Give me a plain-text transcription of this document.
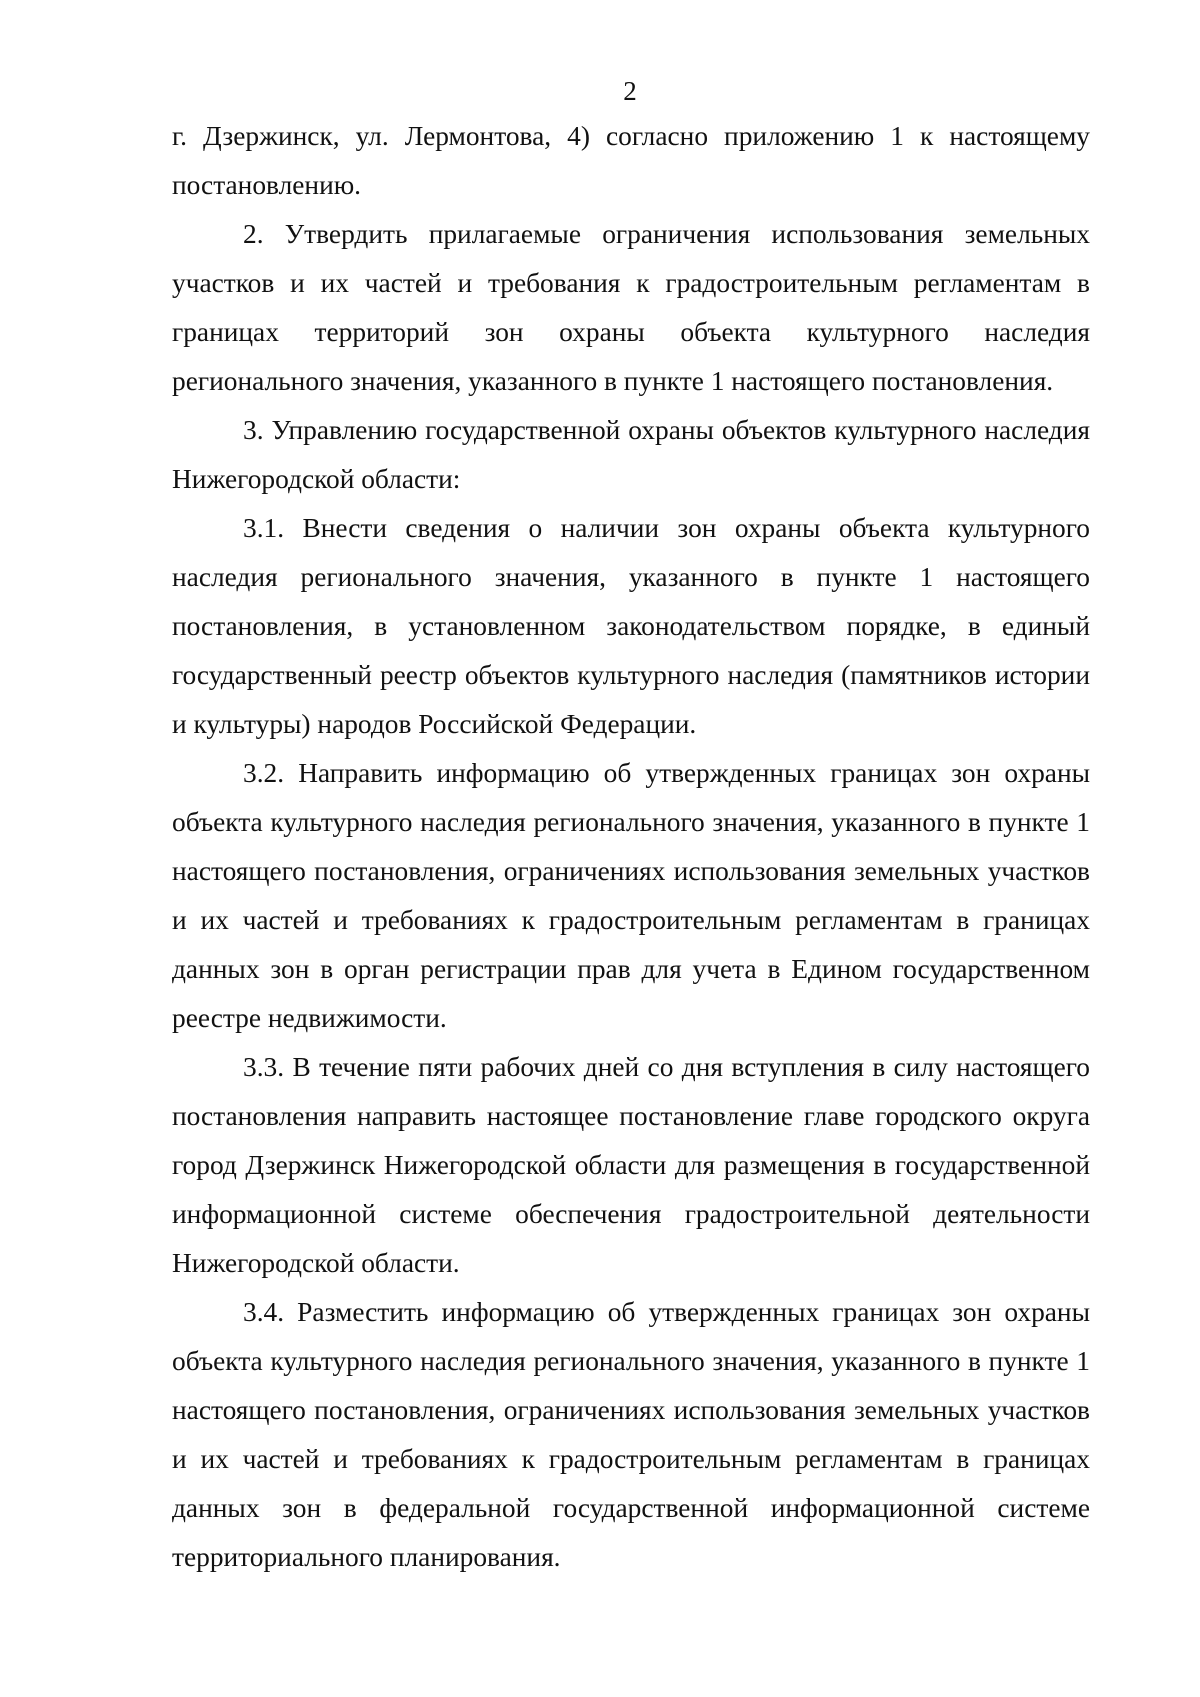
2

г. Дзержинск, ул. Лермонтова, 4) согласно приложению 1 к настоящему постановлению.

2. Утвердить прилагаемые ограничения использования земельных участков и их частей и требования к градостроительным регламентам в границах территорий зон охраны объекта культурного наследия регионального значения, указанного в пункте 1 настоящего постановления.

3. Управлению государственной охраны объектов культурного наследия Нижегородской области:

3.1. Внести сведения о наличии зон охраны объекта культурного наследия регионального значения, указанного в пункте 1 настоящего постановления, в установленном законодательством порядке, в единый государственный реестр объектов культурного наследия (памятников истории и культуры) народов Российской Федерации.

3.2. Направить информацию об утвержденных границах зон охраны объекта культурного наследия регионального значения, указанного в пункте 1 настоящего постановления, ограничениях использования земельных участков и их частей и требованиях к градостроительным регламентам в границах данных зон в орган регистрации прав для учета в Едином государственном реестре недвижимости.

3.3. В течение пяти рабочих дней со дня вступления в силу настоящего постановления направить настоящее постановление главе городского округа город Дзержинск Нижегородской области для размещения в государственной информационной системе обеспечения градостроительной деятельности Нижегородской области.

3.4. Разместить информацию об утвержденных границах зон охраны объекта культурного наследия регионального значения, указанного в пункте 1 настоящего постановления, ограничениях использования земельных участков и их частей и требованиях к градостроительным регламентам в границах данных зон в федеральной государственной информационной системе территориального планирования.
